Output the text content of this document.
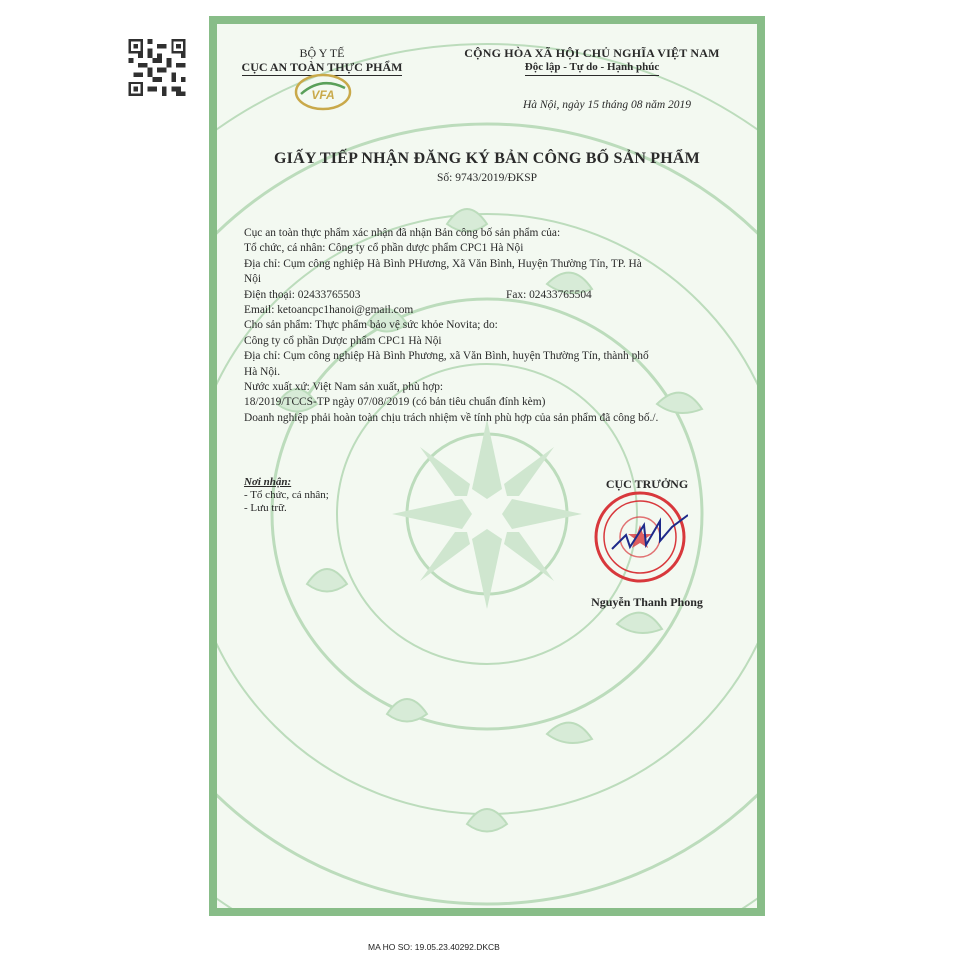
BỘ Y TẾ
CỤC AN TOÀN THỰC PHẨM
VFA
CỘNG HÒA XÃ HỘI CHỦ NGHĨA VIỆT NAM
Độc lập - Tự do - Hạnh phúc
Hà Nội, ngày 15 tháng 08 năm 2019
GIẤY TIẾP NHẬN ĐĂNG KÝ BẢN CÔNG BỐ SẢN PHẨM
Số: 9743/2019/ĐKSP

Cục an toàn thực phẩm xác nhận đã nhận Bản công bố sản phẩm của:

Tổ chức, cá nhân: Công ty cổ phần dược phẩm CPC1 Hà Nội

Địa chỉ: Cụm công nghiệp Hà Bình PHương, Xã Văn Bình, Huyện Thường Tín, TP. Hà

Nội

Điện thoại: 02433765503	Fax: 02433765504

Email: ketoancpc1hanoi@gmail.com

Cho sản phẩm: Thực phẩm bảo vệ sức khỏe Novita; do:

Công ty cổ phần Dược phẩm CPC1 Hà Nội

Địa chỉ: Cụm công nghiệp Hà Bình Phương, xã Văn Bình, huyện Thường Tín, thành phố

Hà Nội.

Nước xuất xứ: Việt Nam sản xuất, phù hợp:

18/2019/TCCS-TP ngày 07/08/2019 (có bản tiêu chuẩn đính kèm)

Doanh nghiệp phải hoàn toàn chịu trách nhiệm về tính phù hợp của sản phẩm đã công bố./.

Nơi nhận:
- Tổ chức, cá nhân;
- Lưu trữ.
CỤC TRƯỞNG
Nguyễn Thanh Phong
MA HO SO: 19.05.23.40292.DKCB
